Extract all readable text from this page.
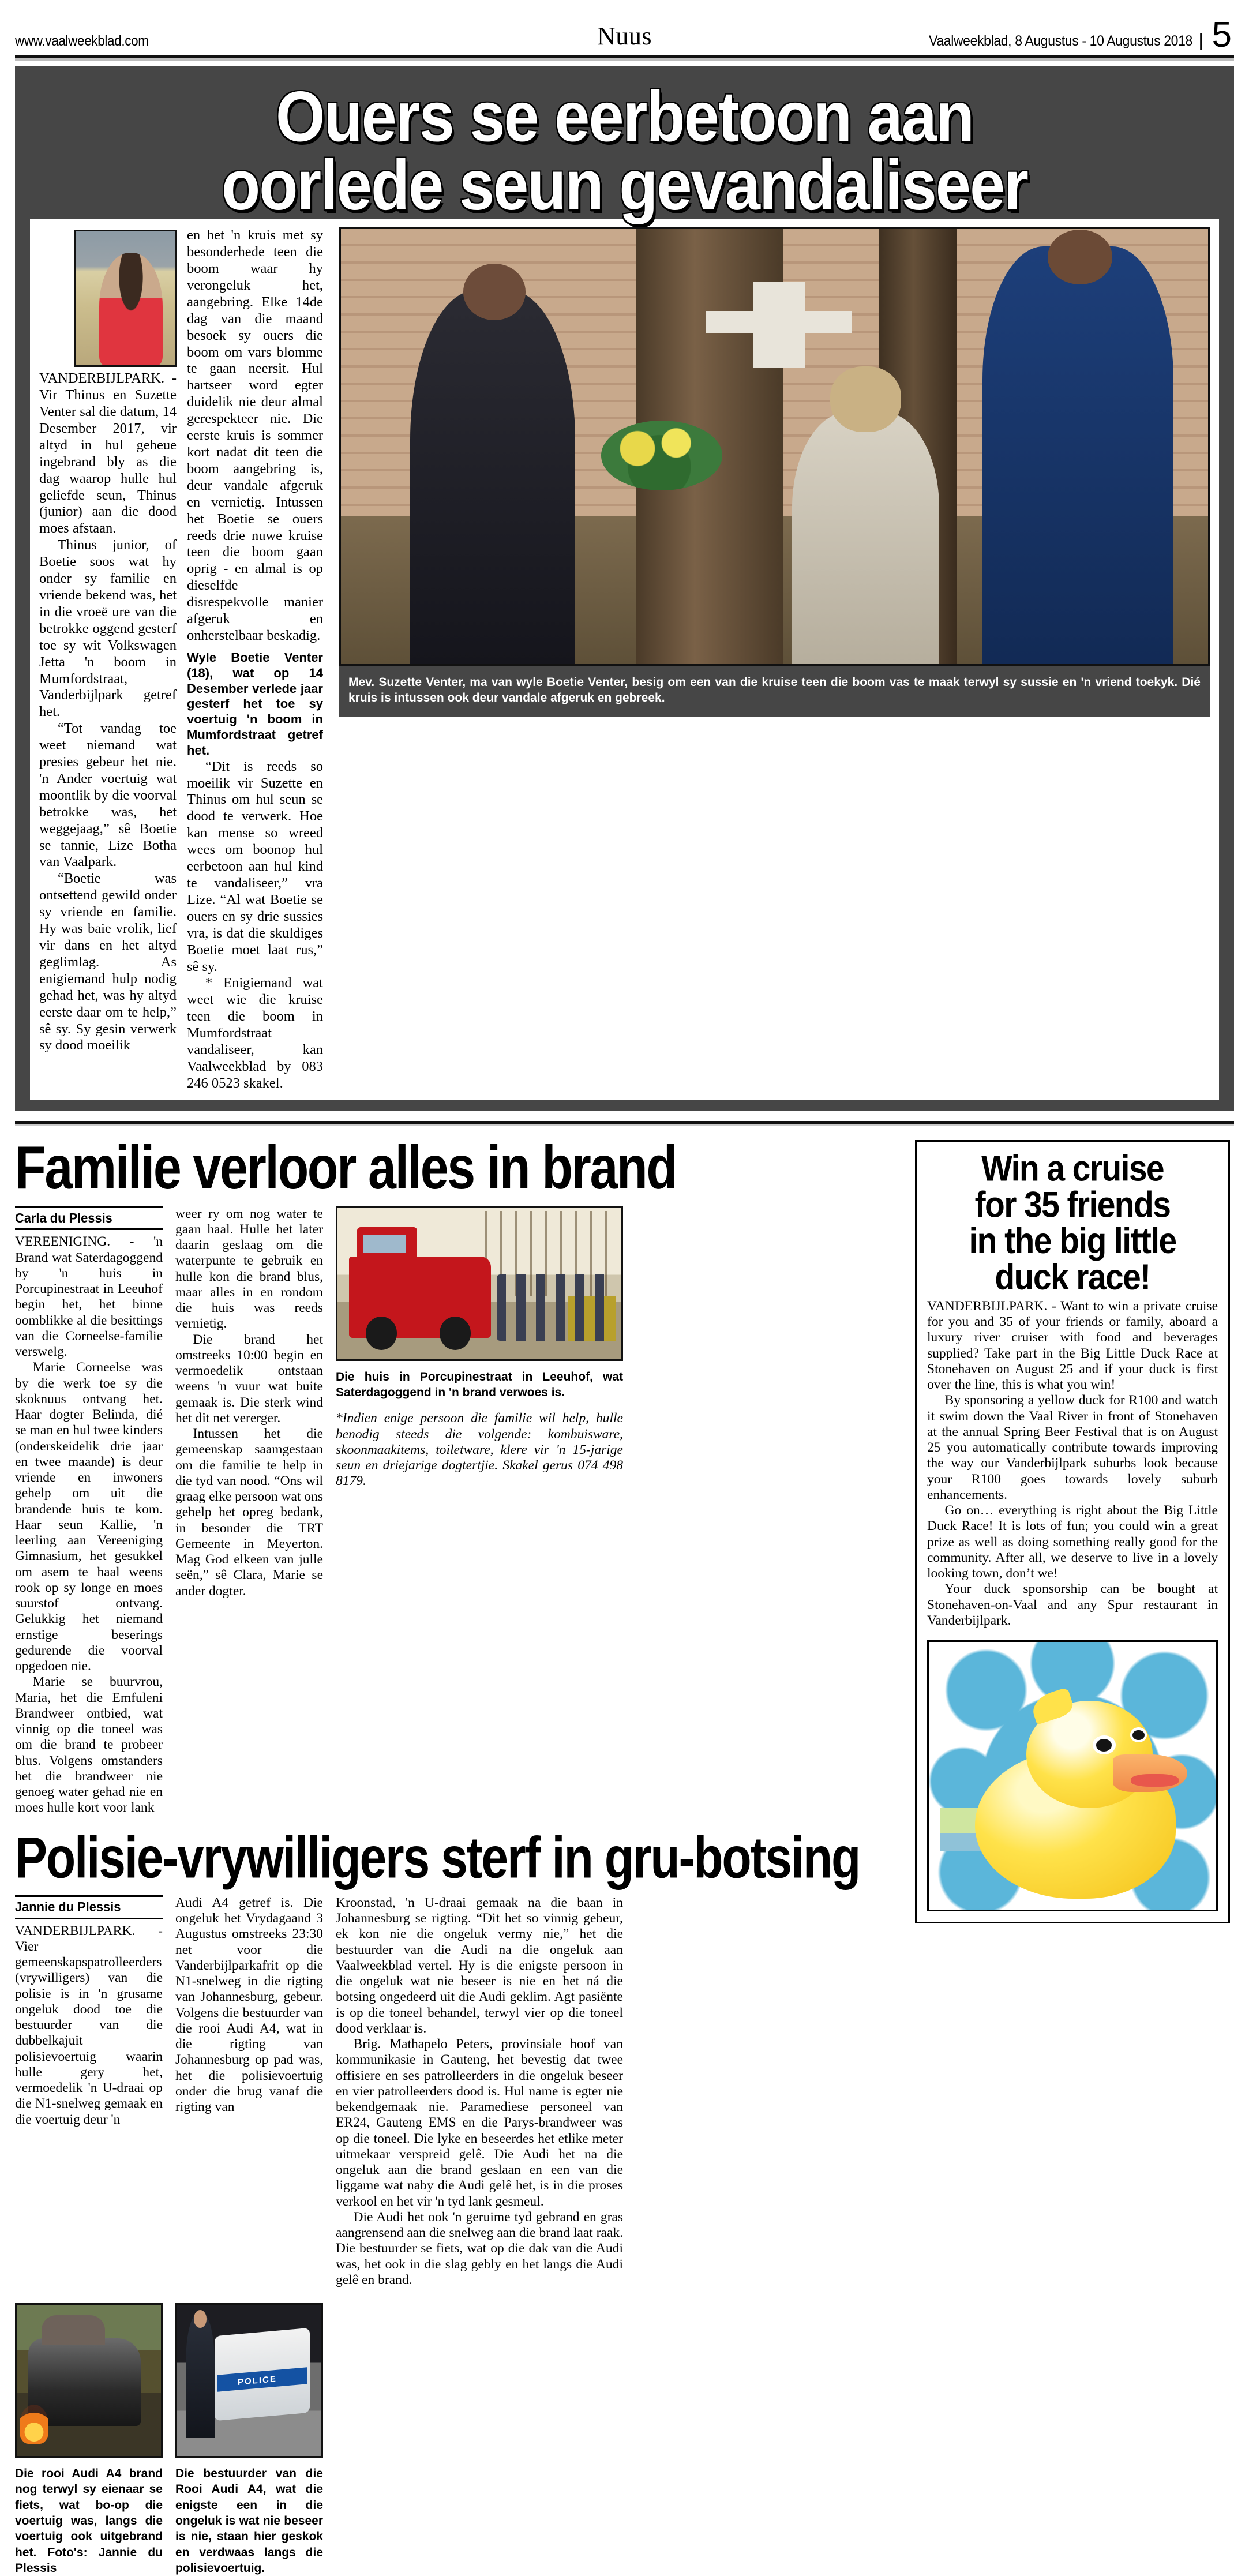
www.vaalweekblad.com	Nuus	Vaalweekblad, 8 Augustus - 10 Augustus 2018 5
Ouers se eerbetoon aan
oorlede seun gevandaliseer

VANDERBIJLPARK. - Vir Thinus en Suzette Venter sal die datum, 14 Desember 2017, vir altyd in hul geheue ingebrand bly as die dag waarop hulle hul geliefde seun, Thinus (junior) aan die dood moes afstaan.

Thinus junior, of Boetie soos wat hy onder sy familie en vriende bekend was, het in die vroeë ure van die betrokke oggend gesterf toe sy wit Volkswagen Jetta 'n boom in Mumfordstraat, Vanderbijlpark getref het.

“Tot vandag toe weet niemand wat presies gebeur het nie. 'n Ander voertuig wat moontlik by die voorval betrokke was, het weggejaag,” sê Boetie se tannie, Lize Botha van Vaalpark.

“Boetie was ontsettend gewild onder sy vriende en familie. Hy was baie vrolik, lief vir dans en het altyd geglimlag. As enigiemand hulp nodig gehad het, was hy altyd eerste daar om te help,” sê sy. Sy gesin verwerk sy dood moeilik

en het 'n kruis met sy besonderhede teen die boom waar hy verongeluk het, aangebring. Elke 14de dag van die maand besoek sy ouers die boom om vars blomme te gaan neersit. Hul hartseer word egter duidelik nie deur almal gerespekteer nie. Die eerste kruis is sommer kort nadat dit teen die boom aangebring is, deur vandale afgeruk en vernietig. Intussen het Boetie se ouers reeds drie nuwe kruise teen die boom gaan oprig - en almal is op dieselfde disrespekvolle manier afgeruk en onherstelbaar beskadig.

Wyle Boetie Venter (18), wat op 14 Desember verlede jaar gesterf het toe sy voertuig 'n boom in Mumfordstraat getref het.

“Dit is reeds so moeilik vir Suzette en Thinus om hul seun se dood te verwerk. Hoe kan mense so wreed wees om boonop hul eerbetoon aan hul kind te vandaliseer,” vra Lize. “Al wat Boetie se ouers en sy drie sussies vra, is dat die skuldiges Boetie moet laat rus,” sê sy.

* Enigiemand wat weet wie die kruise teen die boom in Mumfordstraat vandaliseer, kan Vaalweekblad by 083 246 0523 skakel.

Mev. Suzette Venter, ma van wyle Boetie Venter, besig om een van die kruise teen die boom vas te maak terwyl sy sussie en 'n vriend toekyk. Dié kruis is intussen ook deur vandale afgeruk en gebreek.
Familie verloor alles in brand
Carla du Plessis

VEREENIGING. - 'n Brand wat Saterdagoggend by 'n huis in Porcupinestraat in Leeuhof begin het, het binne oomblikke al die besittings van die Corneelse-familie verswelg.

Marie Corneelse was by die werk toe sy die skoknuus ontvang het. Haar dogter Belinda, dié se man en hul twee kinders (onderskeidelik drie jaar en twee maande) is deur vriende en inwoners gehelp om uit die brandende huis te kom. Haar seun Kallie, 'n leerling aan Vereeniging Gimnasium, het gesukkel om asem te haal weens rook op sy longe en moes suurstof ontvang. Gelukkig het niemand ernstige beserings gedurende die voorval opgedoen nie.

Marie se buurvrou, Maria, het die Emfuleni Brandweer ontbied, wat vinnig op die toneel was om die brand te probeer blus. Volgens omstanders het die brandweer nie genoeg water gehad nie en moes hulle kort voor lank

weer ry om nog water te gaan haal. Hulle het later daarin geslaag om die waterpunte te gebruik en hulle kon die brand blus, maar alles in en rondom die huis was reeds vernietig.

Die brand het omstreeks 10:00 begin en vermoedelik ontstaan weens 'n vuur wat buite gemaak is. Die sterk wind het dit net vererger.

Intussen het die gemeenskap saamgestaan om die familie te help in die tyd van nood. “Ons wil graag elke persoon wat ons gehelp het opreg bedank, in besonder die TRT Gemeente in Meyerton. Mag God elkeen van julle seën,” sê Clara, Marie se ander dogter.

Die huis in Porcupinestraat in Leeuhof, wat Saterdagoggend in 'n brand verwoes is.
*Indien enige persoon die familie wil help, hulle benodig steeds die volgende: kombuisware, skoonmaakitems, toiletware, klere vir 'n 15-jarige seun en driejarige dogtertjie. Skakel gerus 074 498 8179.
Polisie-vrywilligers sterf in gru-botsing
Jannie du Plessis

VANDERBIJLPARK. - Vier gemeenskapspatrolleerders (vrywilligers) van die polisie is in 'n grusame ongeluk dood toe die bestuurder van die dubbelkajuit polisievoertuig waarin hulle gery het, vermoedelik 'n U-draai op die N1-snelweg gemaak en die voertuig deur 'n

Audi A4 getref is. Die ongeluk het Vrydagaand 3 Augustus omstreeks 23:30 net voor die Vanderbijlparkafrit op die N1-snelweg in die rigting van Johannesburg, gebeur. Volgens die bestuurder van die rooi Audi A4, wat in die rigting van Johannesburg op pad was, het die polisievoertuig onder die brug vanaf die rigting van

Kroonstad, 'n U-draai gemaak na die baan in Johannesburg se rigting. “Dit het so vinnig gebeur, ek kon nie die ongeluk vermy nie,” het die bestuurder van die Audi na die ongeluk aan Vaalweekblad vertel. Hy is die enigste persoon in die ongeluk wat nie beseer is nie en het ná die botsing ongedeerd uit die Audi geklim. Agt pasiënte is op die toneel behandel, terwyl vier op die toneel dood verklaar is.

Brig. Mathapelo Peters, provinsiale hoof van kommunikasie in Gauteng, het bevestig dat twee offisiere en ses patrolleerders in die ongeluk beseer en vier patrolleerders dood is. Hul name is egter nie bekendgemaak nie. Paramediese personeel van ER24, Gauteng EMS en die Parys-brandweer was op die toneel. Die lyke en beseerdes het etlike meter uitmekaar verspreid gelê. Die Audi het na die ongeluk aan die brand geslaan en een van die liggame wat naby die Audi gelê het, is in die proses verkool en het vir 'n tyd lank gesmeul.

Die Audi het ook 'n geruime tyd gebrand en gras aangrensend aan die snelweg aan die brand laat raak. Die bestuurder se fiets, wat op die dak van die Audi was, het ook in die slag gebly en het langs die Audi gelê en brand.

Die rooi Audi A4 brand nog terwyl sy eienaar se fiets, wat bo-op die voertuig was, langs die voertuig ook uitgebrand het. Foto's: Jannie du Plessis
POLICE
Die bestuurder van die Rooi Audi A4, wat die enigste een in die ongeluk is wat nie beseer is nie, staan hier geskok en verdwaas langs die polisievoertuig.
Win a cruise
for 35 friends
in the big little
duck race!

VANDERBIJLPARK. - Want to win a private cruise for you and 35 of your friends or family, aboard a luxury river cruiser with food and beverages supplied? Take part in the Big Little Duck Race at Stonehaven on August 25 and if your duck is first over the line, this is what you win!

By sponsoring a yellow duck for R100 and watch it swim down the Vaal River in front of Stonehaven at the annual Spring Beer Festival that is on August 25 you automatically contribute towards improving the way our Vanderbijlpark suburbs look because your R100 goes towards lovely suburb enhancements.

Go on… everything is right about the Big Little Duck Race! It is lots of fun; you could win a great prize as well as doing something really good for the community. After all, we deserve to live in a lovely looking town, don’t we!

Your duck sponsorship can be bought at Stonehaven-on-Vaal and any Spur restaurant in Vanderbijlpark.
